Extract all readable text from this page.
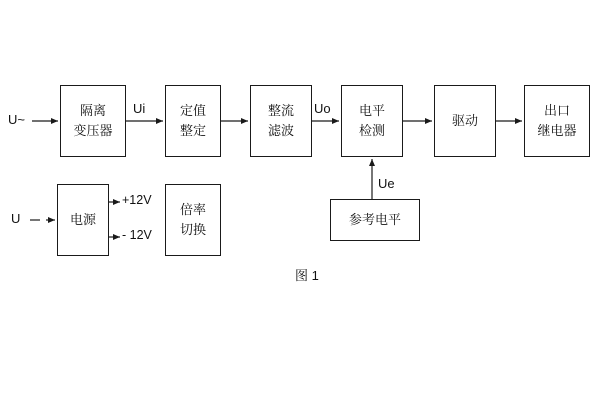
隔离
变压器
定值
整定
整流
滤波
电平
检测
驱动
出口
继电器
电源
倍率
切换
参考电平
U~
Ui	Uo
Ue
U
+12V
- 12V
图 1
